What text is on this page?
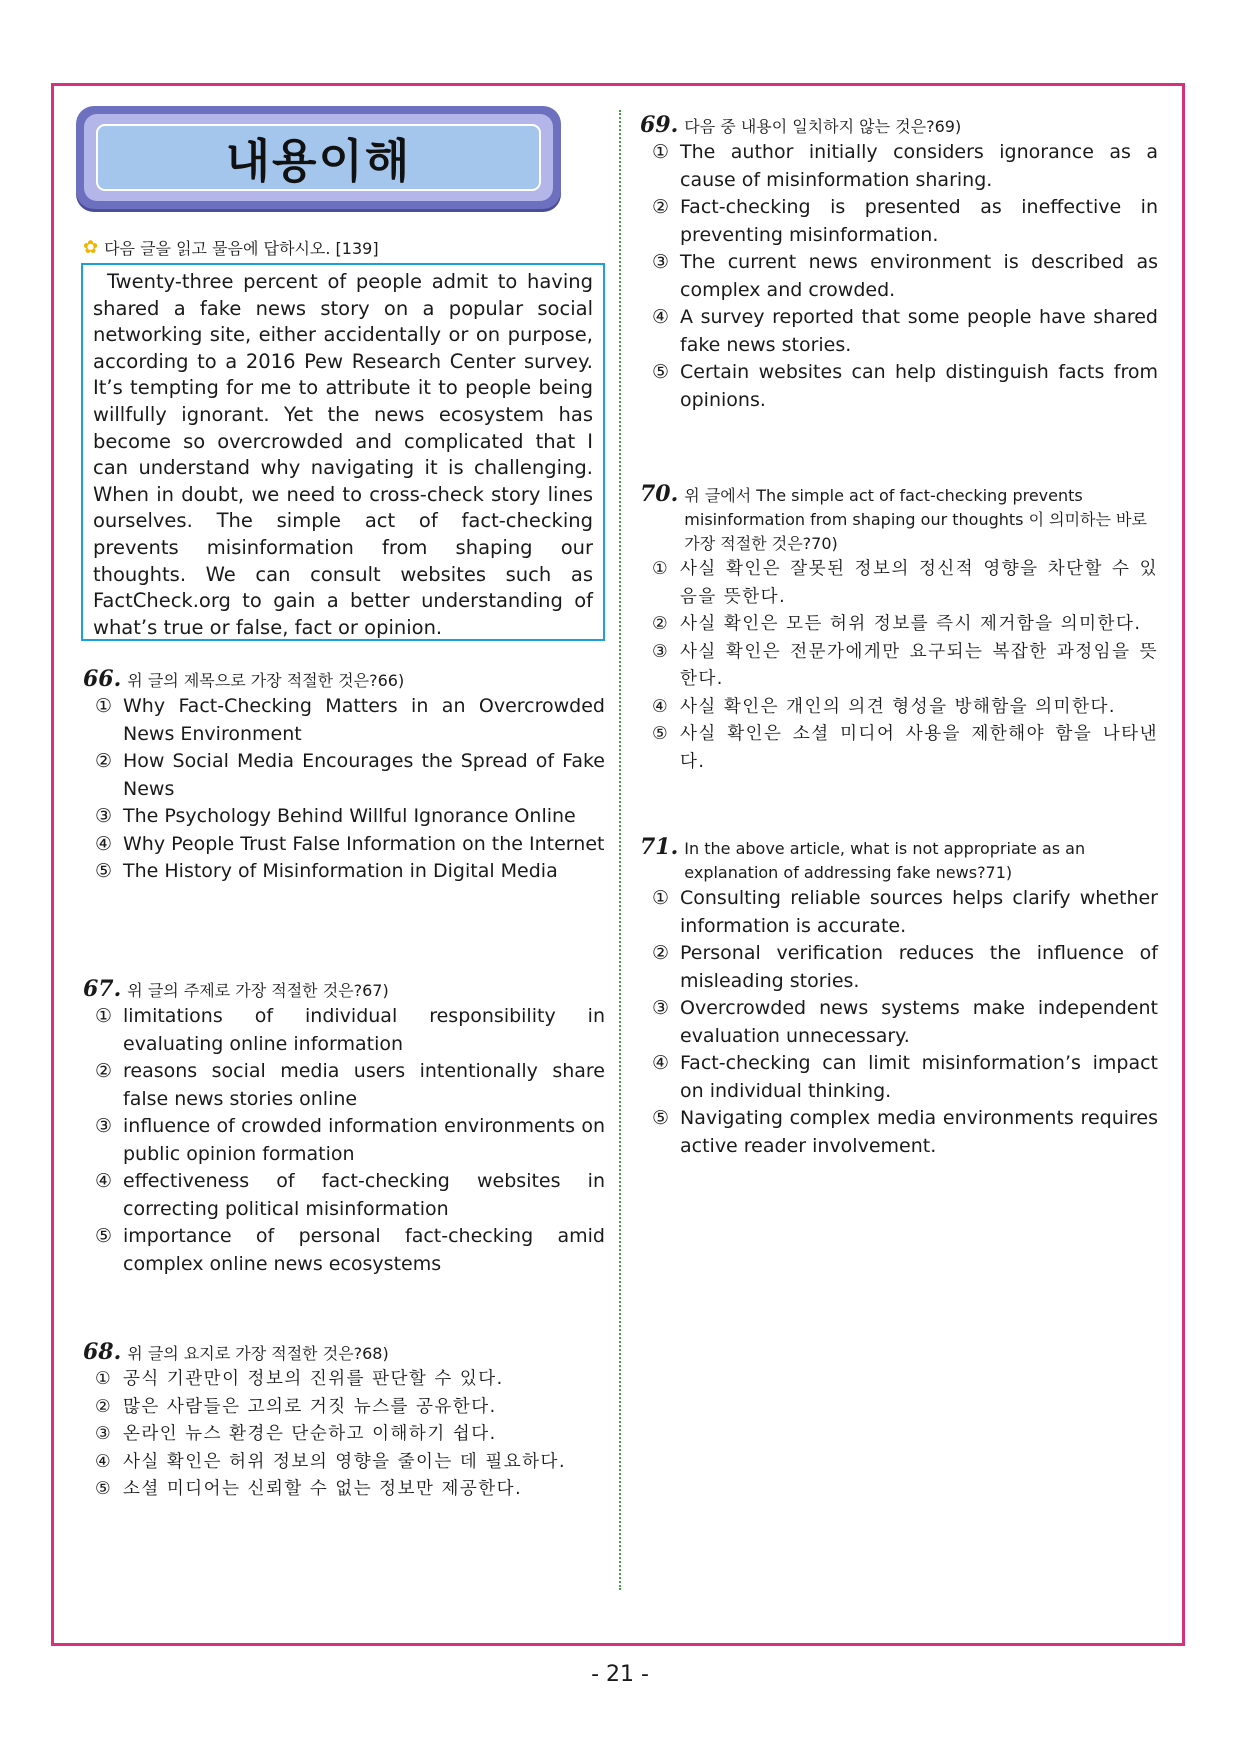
내용이해
✿ 다음 글을 읽고 물음에 답하시오. [139]

Twenty-three percent of people admit to having shared a fake news story on a popular social networking site, either accidentally or on purpose, according to a 2016 Pew Research Center survey. It’s tempting for me to attribute it to people being willfully ignorant. Yet the news ecosystem has become so overcrowded and complicated that I can understand why navigating it is challenging. When in doubt, we need to cross-check story lines ourselves. The simple act of fact-checking prevents misinformation from shaping our thoughts. We can consult websites such as FactCheck.org to gain a better understanding of what’s true or false, fact or opinion.

66. 위 글의 제목으로 가장 적절한 것은?66)
① Why Fact-Checking Matters in an Overcrowded News Environment
② How Social Media Encourages the Spread of Fake News
③ The Psychology Behind Willful Ignorance Online
④ Why People Trust False Information on the Internet
⑤ The History of Misinformation in Digital Media
67. 위 글의 주제로 가장 적절한 것은?67)
① limitations of individual responsibility in evaluating online information
② reasons social media users intentionally share false news stories online
③ influence of crowded information environments on public opinion formation
④ effectiveness of fact-checking websites in correcting political misinformation
⑤ importance of personal fact-checking amid complex online news ecosystems
68. 위 글의 요지로 가장 적절한 것은?68)
① 공식 기관만이 정보의 진위를 판단할 수 있다.
② 많은 사람들은 고의로 거짓 뉴스를 공유한다.
③ 온라인 뉴스 환경은 단순하고 이해하기 쉽다.
④ 사실 확인은 허위 정보의 영향을 줄이는 데 필요하다.
⑤ 소셜 미디어는 신뢰할 수 없는 정보만 제공한다.
69. 다음 중 내용이 일치하지 않는 것은?69)
① The author initially considers ignorance as a cause of misinformation sharing.
② Fact-checking is presented as ineffective in preventing misinformation.
③ The current news environment is described as complex and crowded.
④ A survey reported that some people have shared fake news stories.
⑤ Certain websites can help distinguish facts from opinions.
70. 위 글에서 The simple act of fact-checking prevents misinformation from shaping our thoughts 이 의미하는 바로 가장 적절한 것은?70)
① 사실 확인은 잘못된 정보의 정신적 영향을 차단할 수 있음을 뜻한다.
② 사실 확인은 모든 허위 정보를 즉시 제거함을 의미한다.
③ 사실 확인은 전문가에게만 요구되는 복잡한 과정임을 뜻한다.
④ 사실 확인은 개인의 의견 형성을 방해함을 의미한다.
⑤ 사실 확인은 소셜 미디어 사용을 제한해야 함을 나타낸다.
71. In the above article, what is not appropriate as an explanation of addressing fake news?71)
① Consulting reliable sources helps clarify whether information is accurate.
② Personal verification reduces the influence of misleading stories.
③ Overcrowded news systems make independent evaluation unnecessary.
④ Fact-checking can limit misinformation’s impact on individual thinking.
⑤ Navigating complex media environments requires active reader involvement.
- 21 -
